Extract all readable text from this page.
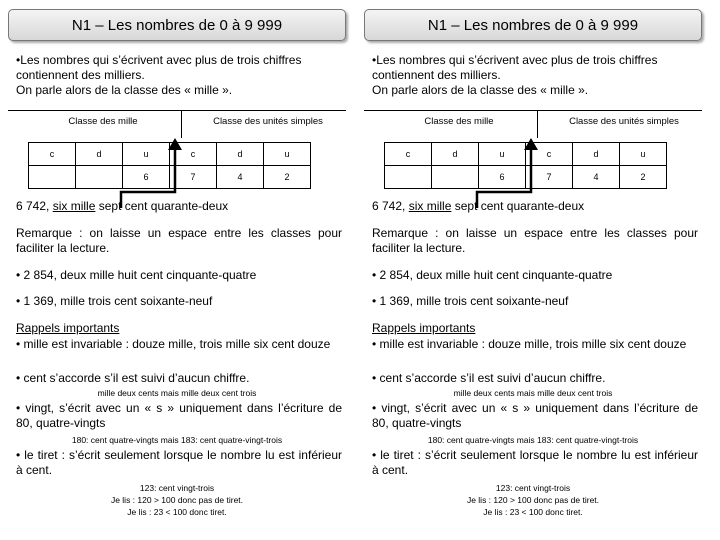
N1 – Les nombres de 0 à 9 999
•Les nombres qui s’écrivent avec plus de trois chiffres
contiennent des milliers.
On parle alors de la classe des « mille ».
Classe des mille	Classe des unités simples
c	d	u	c	d	u
		6	7	4	2
6 742, six mille sept cent quarante-deux
Remarque : on laisse un espace entre les classes pour faciliter la lecture.
• 2 854, deux mille huit cent cinquante-quatre
• 1 369, mille trois cent soixante-neuf
Rappels importants
• mille est invariable : douze mille, trois mille six cent douze
• cent s’accorde s’il est suivi d’aucun chiffre.
mille deux cents mais mille deux cent trois
• vingt, s’écrit avec un « s » uniquement dans l’écriture de 80, quatre-vingts
180: cent quatre-vingts mais 183: cent quatre-vingt-trois
• le tiret : s’écrit seulement lorsque le nombre lu est inférieur à cent.
123: cent vingt-trois
Je lis : 120 > 100 donc pas de tiret.
Je lis : 23 < 100 donc tiret.
N1 – Les nombres de 0 à 9 999
•Les nombres qui s’écrivent avec plus de trois chiffres
contiennent des milliers.
On parle alors de la classe des « mille ».
Classe des mille	Classe des unités simples
c	d	u	c	d	u
		6	7	4	2
6 742, six mille sept cent quarante-deux
Remarque : on laisse un espace entre les classes pour faciliter la lecture.
• 2 854, deux mille huit cent cinquante-quatre
• 1 369, mille trois cent soixante-neuf
Rappels importants
• mille est invariable : douze mille, trois mille six cent douze
• cent s’accorde s’il est suivi d’aucun chiffre.
mille deux cents mais mille deux cent trois
• vingt, s’écrit avec un « s » uniquement dans l’écriture de 80, quatre-vingts
180: cent quatre-vingts mais 183: cent quatre-vingt-trois
• le tiret : s’écrit seulement lorsque le nombre lu est inférieur à cent.
123: cent vingt-trois
Je lis : 120 > 100 donc pas de tiret.
Je lis : 23 < 100 donc tiret.
